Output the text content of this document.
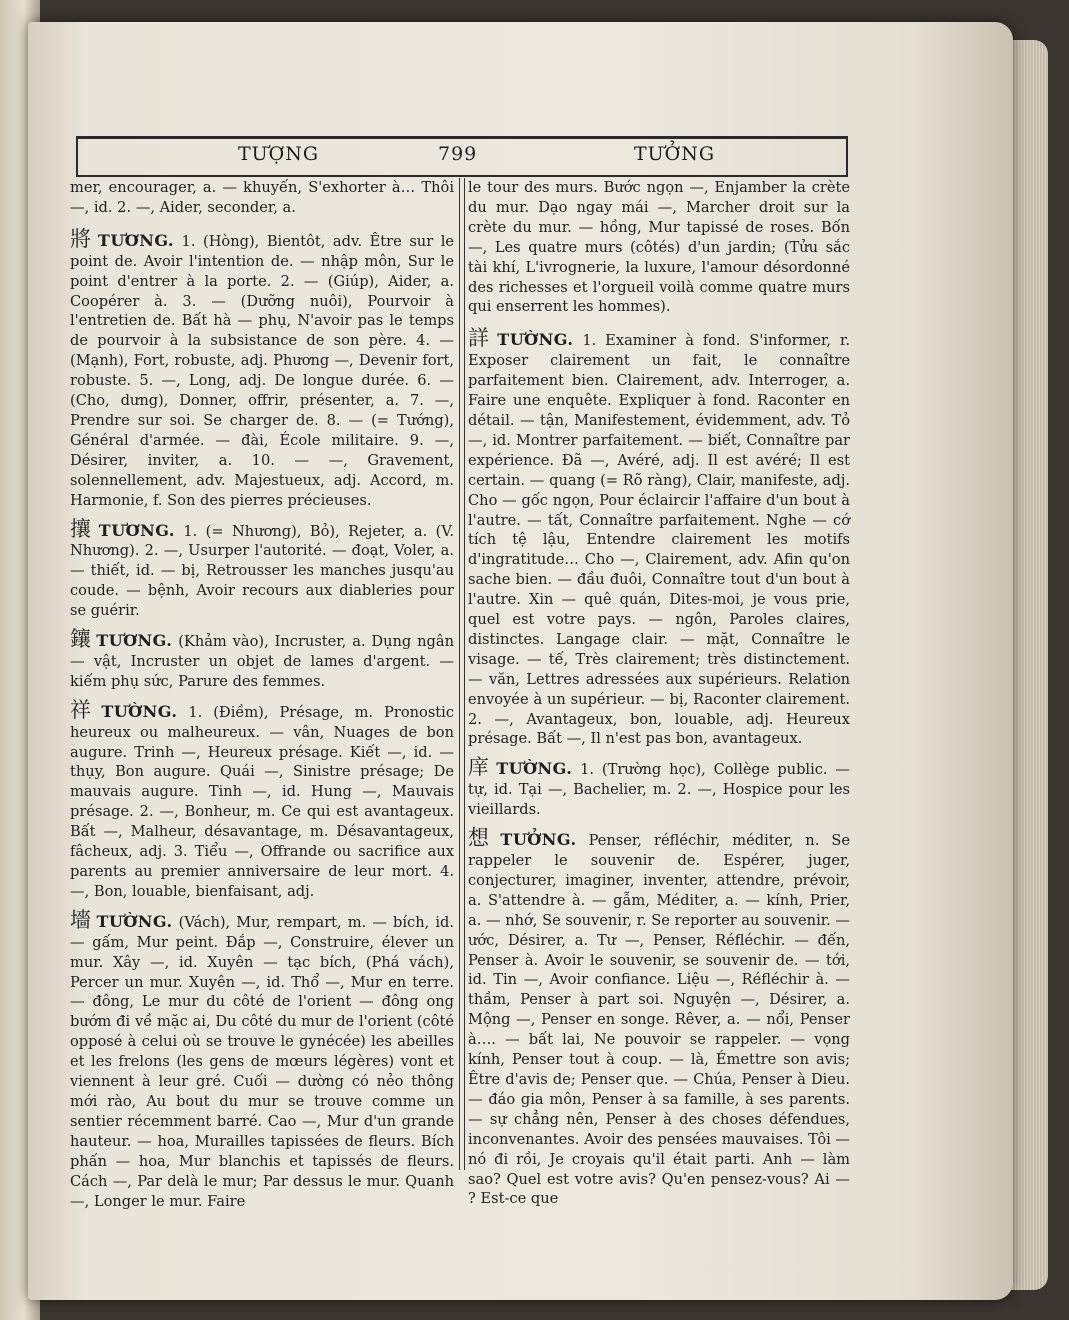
TƯỢNG	799	TƯỞNG

mer, encourager, a. — khuyến, S'exhorter à… Thôi —, id. 2. —, Aider, seconder, a.

將 TƯƠNG. 1. (Hòng), Bientôt, adv. Être sur le point de. Avoir l'intention de. — nhập môn, Sur le point d'entrer à la porte. 2. — (Giúp), Aider, a. Coopérer à. 3. — (Dưỡng nuôi), Pourvoir à l'entretien de. Bất hà — phụ, N'avoir pas le temps de pourvoir à la subsistance de son père. 4. — (Mạnh), Fort, robuste, adj. Phương —, Devenir fort, robuste. 5. —, Long, adj. De longue durée. 6. — (Cho, dưng), Donner, offrir, présenter, a. 7. —, Prendre sur soi. Se charger de. 8. — (= Tướng), Général d'armée. — đài, École militaire. 9. —, Désirer, inviter, a. 10. — —, Gravement, solennellement, adv. Majestueux, adj. Accord, m. Harmonie, f. Son des pierres précieuses.

攘 TƯƠNG. 1. (= Nhương), Bỏ), Rejeter, a. (V. Nhương). 2. —, Usurper l'autorité. — đoạt, Voler, a. — thiết, id. — bị, Retrousser les manches jusqu'au coude. — bệnh, Avoir recours aux diableries pour se guérir.

鑲 TƯƠNG. (Khảm vào), Incruster, a. Dụng ngân — vật, Incruster un objet de lames d'argent. — kiếm phụ sức, Parure des femmes.

祥 TƯỜNG. 1. (Điềm), Présage, m. Pronostic heureux ou malheureux. — vân, Nuages de bon augure. Trinh —, Heureux présage. Kiết —, id. — thụy, Bon augure. Quái —, Sinistre présage; De mauvais augure. Tinh —, id. Hung —, Mauvais présage. 2. —, Bonheur, m. Ce qui est avantageux. Bất —, Malheur, désavantage, m. Désavantageux, fâcheux, adj. 3. Tiểu —, Offrande ou sacrifice aux parents au premier anniversaire de leur mort. 4. —, Bon, louable, bienfaisant, adj.

墻 TƯỜNG. (Vách), Mur, rempart, m. — bích, id. — gấm, Mur peint. Đắp —, Construire, élever un mur. Xây —, id. Xuyên — tạc bích, (Phá vách), Percer un mur. Xuyên —, id. Thổ —, Mur en terre. — đông, Le mur du côté de l'orient — đông ong bướm đi về mặc ai, Du côté du mur de l'orient (côté opposé à celui où se trouve le gynécée) les abeilles et les frelons (les gens de mœurs légères) vont et viennent à leur gré. Cuối — dường có nẻo thông mới rào, Au bout du mur se trouve comme un sentier récemment barré. Cao —, Mur d'un grande hauteur. — hoa, Murailles tapissées de fleurs. Bích phấn — hoa, Mur blanchis et tapissés de fleurs. Cách —, Par delà le mur; Par dessus le mur. Quanh —, Longer le mur. Faire

le tour des murs. Bước ngọn —, Enjamber la crète du mur. Dạo ngay mái —, Marcher droit sur la crète du mur. — hồng, Mur tapissé de roses. Bốn —, Les quatre murs (côtés) d'un jardin; (Tửu sắc tài khí, L'ivrognerie, la luxure, l'amour désordonné des richesses et l'orgueil voilà comme quatre murs qui enserrent les hommes).

詳 TƯỜNG. 1. Examiner à fond. S'informer, r. Exposer clairement un fait, le connaître parfaitement bien. Clairement, adv. Interroger, a. Faire une enquête. Expliquer à fond. Raconter en détail. — tận, Manifestement, évidemment, adv. Tỏ —, id. Montrer parfaitement. — biết, Connaître par expérience. Đã —, Avéré, adj. Il est avéré; Il est certain. — quang (= Rõ ràng), Clair, manifeste, adj. Cho — gốc ngọn, Pour éclaircir l'affaire d'un bout à l'autre. — tất, Connaître parfaitement. Nghe — cớ tích tệ lậu, Entendre clairement les motifs d'ingratitude… Cho —, Clairement, adv. Afin qu'on sache bien. — đầu đuôi, Connaître tout d'un bout à l'autre. Xin — quê quán, Dites-moi, je vous prie, quel est votre pays. — ngôn, Paroles claires, distinctes. Langage clair. — mặt, Connaître le visage. — tế, Très clairement; très distinctement. — văn, Lettres adressées aux supérieurs. Relation envoyée à un supérieur. — bị, Raconter clairement. 2. —, Avantageux, bon, louable, adj. Heureux présage. Bất —, Il n'est pas bon, avantageux.

庠 TƯỜNG. 1. (Trường học), Collège public. — tự, id. Tại —, Bachelier, m. 2. —, Hospice pour les vieillards.

想 TƯỞNG. Penser, réfléchir, méditer, n. Se rappeler le souvenir de. Espérer, juger, conjecturer, imaginer, inventer, attendre, prévoir, a. S'attendre à. — gẫm, Méditer, a. — kính, Prier, a. — nhớ, Se souvenir, r. Se reporter au souvenir. — ước, Désirer, a. Tư —, Penser, Réfléchir. — đến, Penser à. Avoir le souvenir, se souvenir de. — tới, id. Tin —, Avoir confiance. Liệu —, Réfléchir à. — thầm, Penser à part soi. Nguyện —, Désirer, a. Mộng —, Penser en songe. Rêver, a. — nổi, Penser à…. — bất lai, Ne pouvoir se rappeler. — vọng kính, Penser tout à coup. — là, Émettre son avis; Être d'avis de; Penser que. — Chúa, Penser à Dieu. — đáo gia môn, Penser à sa famille, à ses parents. — sự chẳng nên, Penser à des choses défendues, inconvenantes. Avoir des pensées mauvaises. Tôi — nó đi rồi, Je croyais qu'il était parti. Anh — làm sao? Quel est votre avis? Qu'en pensez-vous? Ai — ? Est-ce que
